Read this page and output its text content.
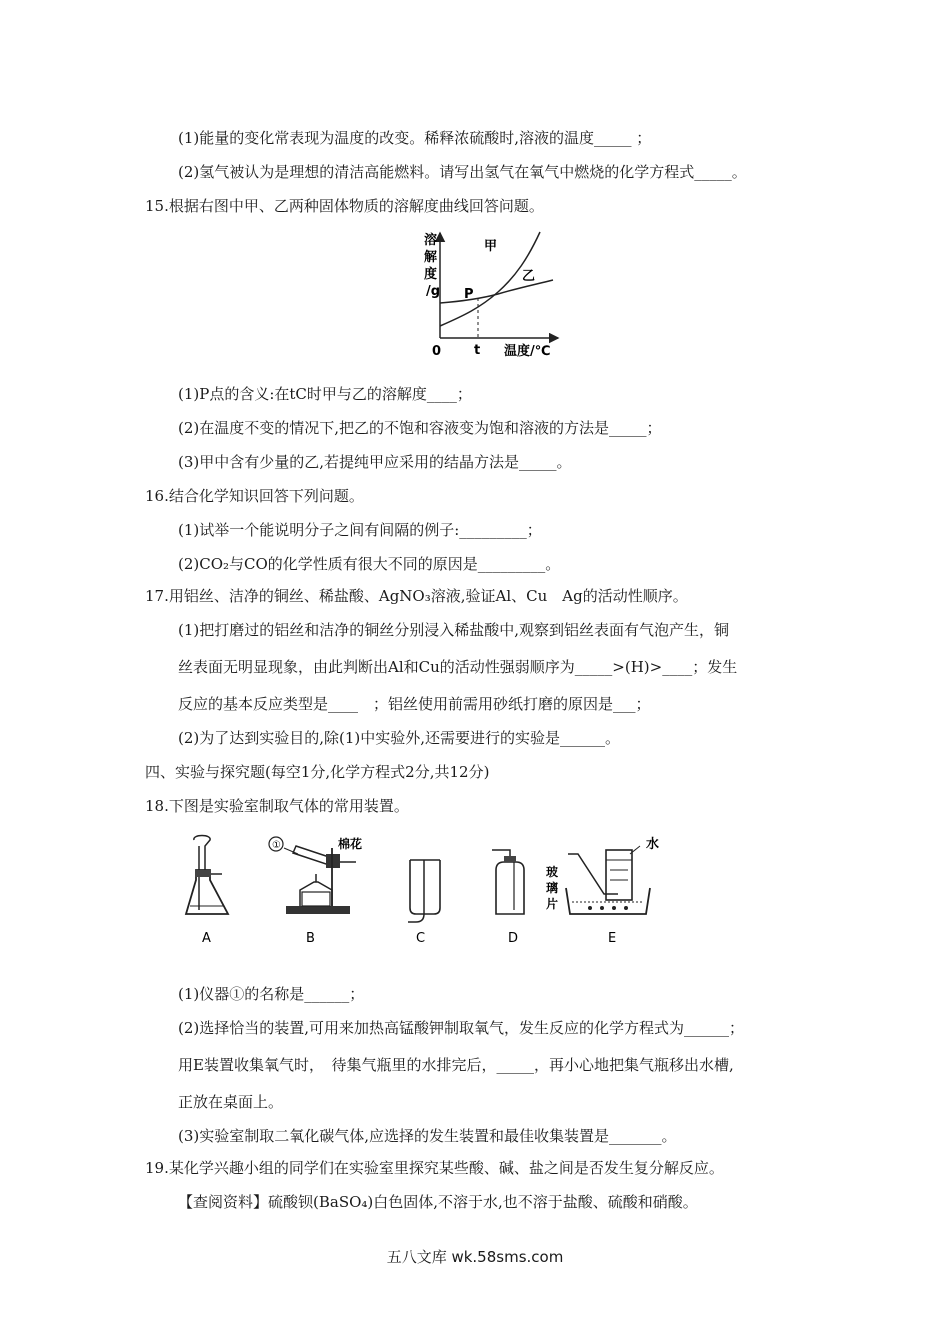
(1)能量的变化常表现为温度的改变。稀释浓硫酸时,溶液的温度_____ ；
(2)氢气被认为是理想的清洁高能燃料。请写出氢气在氧气中燃烧的化学方程式_____。
15.根据右图中甲、乙两种固体物质的溶解度曲线回答问题。
溶
解
度
/g
甲
乙
P
0	t 温度/℃
(1)P点的含义:在tC时甲与乙的溶解度____；
(2)在温度不变的情况下,把乙的不饱和容液变为饱和溶液的方法是_____；
(3)甲中含有少量的乙,若提纯甲应采用的结晶方法是_____。
16.结合化学知识回答下列问题。
(1)试举一个能说明分子之间有间隔的例子:_________；
(2)CO₂与CO的化学性质有很大不同的原因是_________。
17.用铝丝、洁净的铜丝、稀盐酸、AgNO₃溶液,验证Al、Cu　Ag的活动性顺序。
(1)把打磨过的铝丝和洁净的铜丝分别浸入稀盐酸中,观察到铝丝表面有气泡产生，铜
丝表面无明显现象，由此判断出Al和Cu的活动性强弱顺序为_____>(H)>____；发生
反应的基本反应类型是____　；铝丝使用前需用砂纸打磨的原因是___；
(2)为了达到实验目的,除(1)中实验外,还需要进行的实验是______。
四、实验与探究题(每空1分,化学方程式2分,共12分)
18.下图是实验室制取气体的常用装置。
①	棉花	水
玻
璃
片
A	B	C	D	E
(1)仪器①的名称是______；
(2)选择恰当的装置,可用来加热高锰酸钾制取氧气，发生反应的化学方程式为______；
用E装置收集氧气时，　待集气瓶里的水排完后，_____，再小心地把集气瓶移出水槽,
正放在桌面上。
(3)实验室制取二氧化碳气体,应选择的发生装置和最佳收集装置是_______。
19.某化学兴趣小组的同学们在实验室里探究某些酸、碱、盐之间是否发生复分解反应。
【查阅资料】硫酸钡(BaSO₄)白色固体,不溶于水,也不溶于盐酸、硫酸和硝酸。
五八文库 wk.58sms.com
